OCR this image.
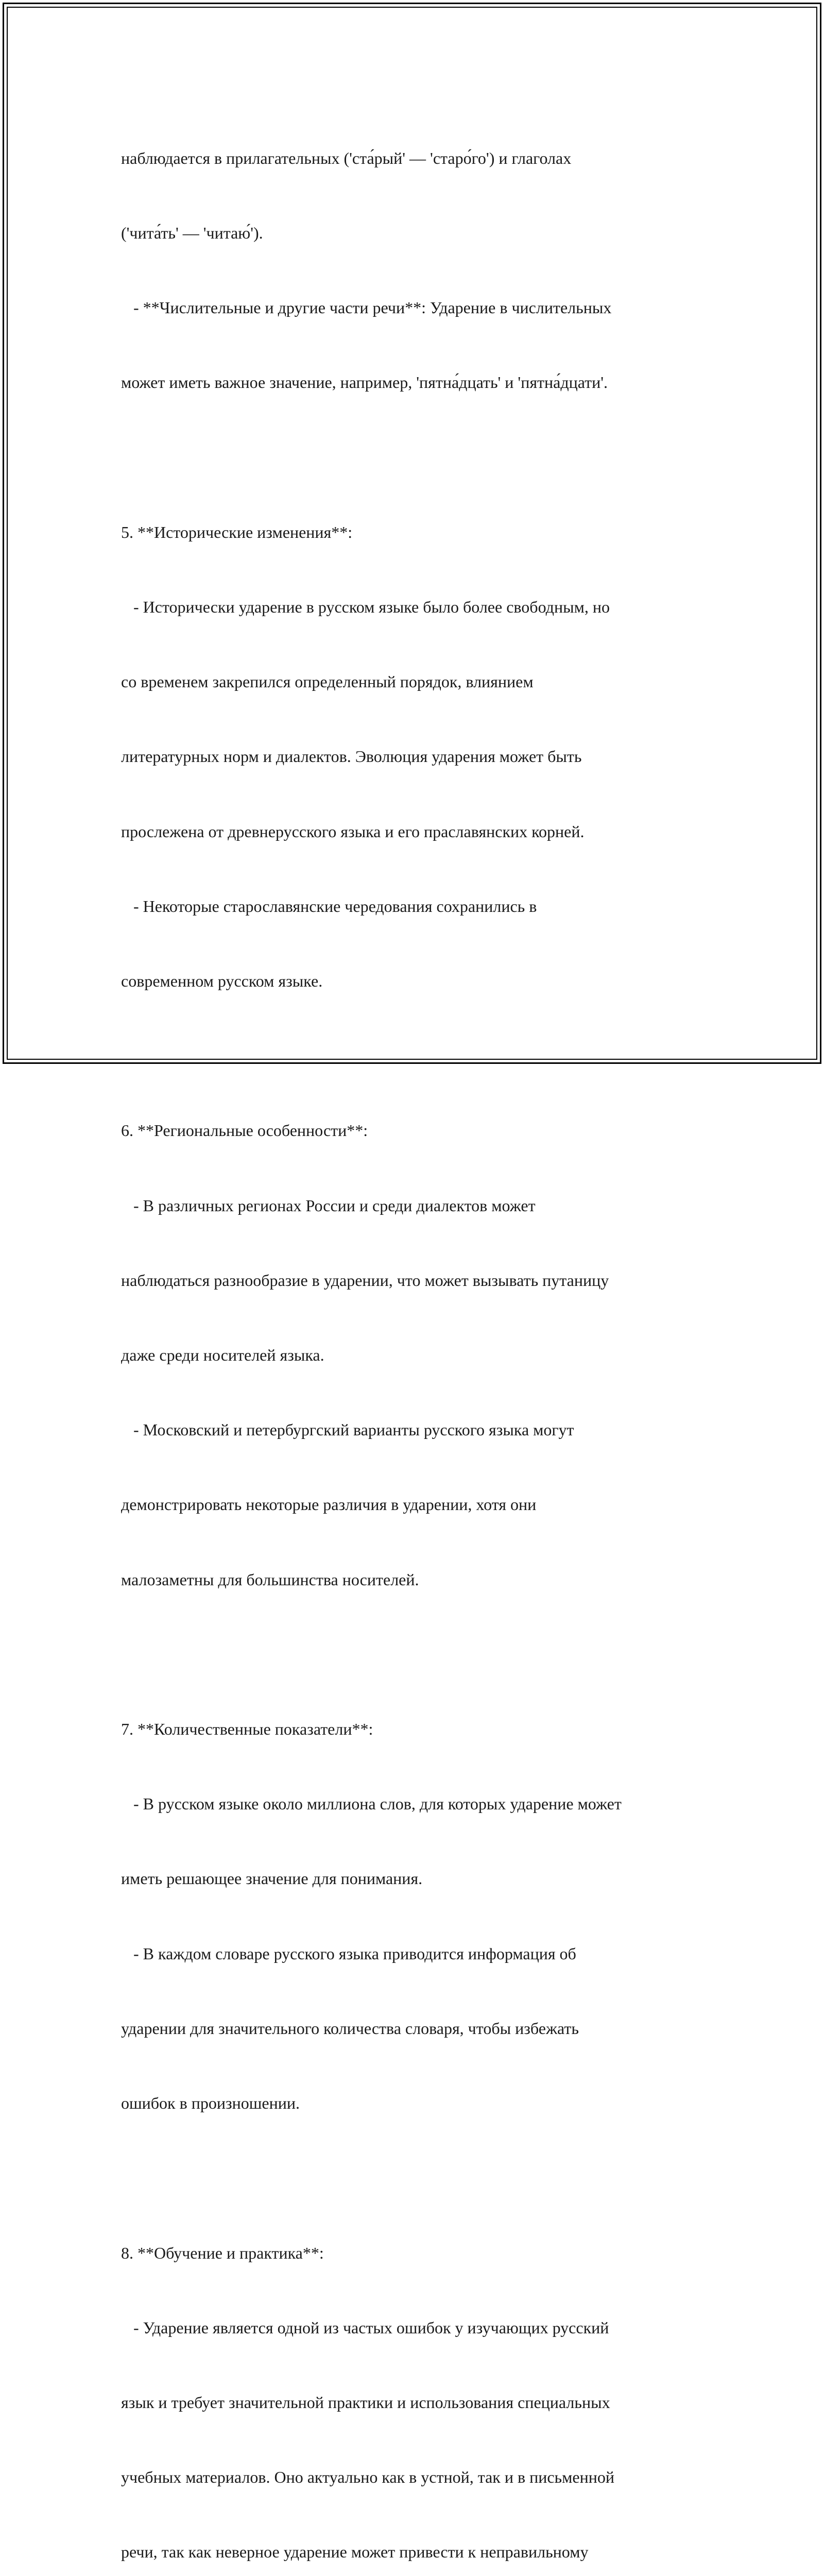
наблюдается в прилагательных ('ста́рый' — 'старо́го') и глаголах

('чита́ть' — 'читаю́').

- **Числительные и другие части речи**: Ударение в числительных

может иметь важное значение, например, 'пятна́дцать' и 'пятна́дцати'.

5. **Исторические изменения**:

- Исторически ударение в русском языке было более свободным, но

со временем закрепился определенный порядок, влиянием

литературных норм и диалектов. Эволюция ударения может быть

прослежена от древнерусского языка и его праславянских корней.

- Некоторые старославянские чередования сохранились в

современном русском языке.

6. **Региональные особенности**:

- В различных регионах России и среди диалектов может

наблюдаться разнообразие в ударении, что может вызывать путаницу

даже среди носителей языка.

- Московский и петербургский варианты русского языка могут

демонстрировать некоторые различия в ударении, хотя они

малозаметны для большинства носителей.

7. **Количественные показатели**:

- В русском языке около миллиона слов, для которых ударение может

иметь решающее значение для понимания.

- В каждом словаре русского языка приводится информация об

ударении для значительного количества словаря, чтобы избежать

ошибок в произношении.

8. **Обучение и практика**:

- Ударение является одной из частых ошибок у изучающих русский

язык и требует значительной практики и использования специальных

учебных материалов. Оно актуально как в устной, так и в письменной

речи, так как неверное ударение может привести к неправильному
